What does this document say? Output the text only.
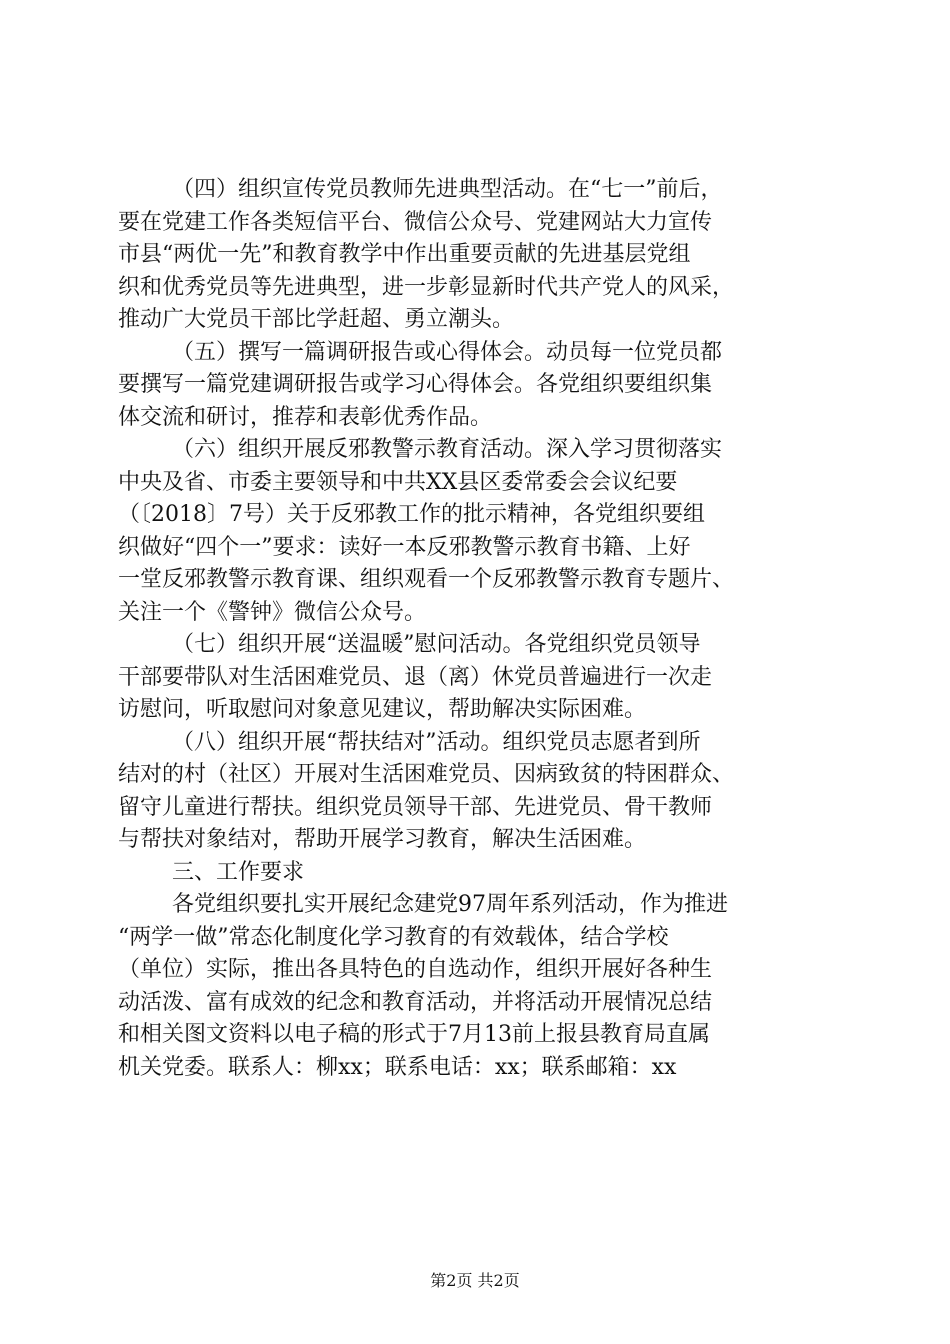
（四）组织宣传党员教师先进典型活动。在“七一”前后，
要在党建工作各类短信平台、微信公众号、党建网站大力宣传
市县“两优一先”和教育教学中作出重要贡献的先进基层党组
织和优秀党员等先进典型，进一步彰显新时代共产党人的风采，
推动广大党员干部比学赶超、勇立潮头。
（五）撰写一篇调研报告或心得体会。动员每一位党员都
要撰写一篇党建调研报告或学习心得体会。各党组织要组织集
体交流和研讨，推荐和表彰优秀作品。
（六）组织开展反邪教警示教育活动。深入学习贯彻落实
中央及省、市委主要领导和中共XX县区委常委会会议纪要
（〔2018〕7号）关于反邪教工作的批示精神，各党组织要组
织做好“四个一”要求：读好一本反邪教警示教育书籍、上好
一堂反邪教警示教育课、组织观看一个反邪教警示教育专题片、
关注一个《警钟》微信公众号。
（七）组织开展“送温暖”慰问活动。各党组织党员领导
干部要带队对生活困难党员、退（离）休党员普遍进行一次走
访慰问，听取慰问对象意见建议，帮助解决实际困难。
（八）组织开展“帮扶结对”活动。组织党员志愿者到所
结对的村（社区）开展对生活困难党员、因病致贫的特困群众、
留守儿童进行帮扶。组织党员领导干部、先进党员、骨干教师
与帮扶对象结对，帮助开展学习教育，解决生活困难。
三、工作要求
各党组织要扎实开展纪念建党97周年系列活动，作为推进
“两学一做”常态化制度化学习教育的有效载体，结合学校
（单位）实际，推出各具特色的自选动作，组织开展好各种生
动活泼、富有成效的纪念和教育活动，并将活动开展情况总结
和相关图文资料以电子稿的形式于7月13前上报县教育局直属
机关党委。联系人：柳xx；联系电话：xx；联系邮箱：xx
第2页 共2页
